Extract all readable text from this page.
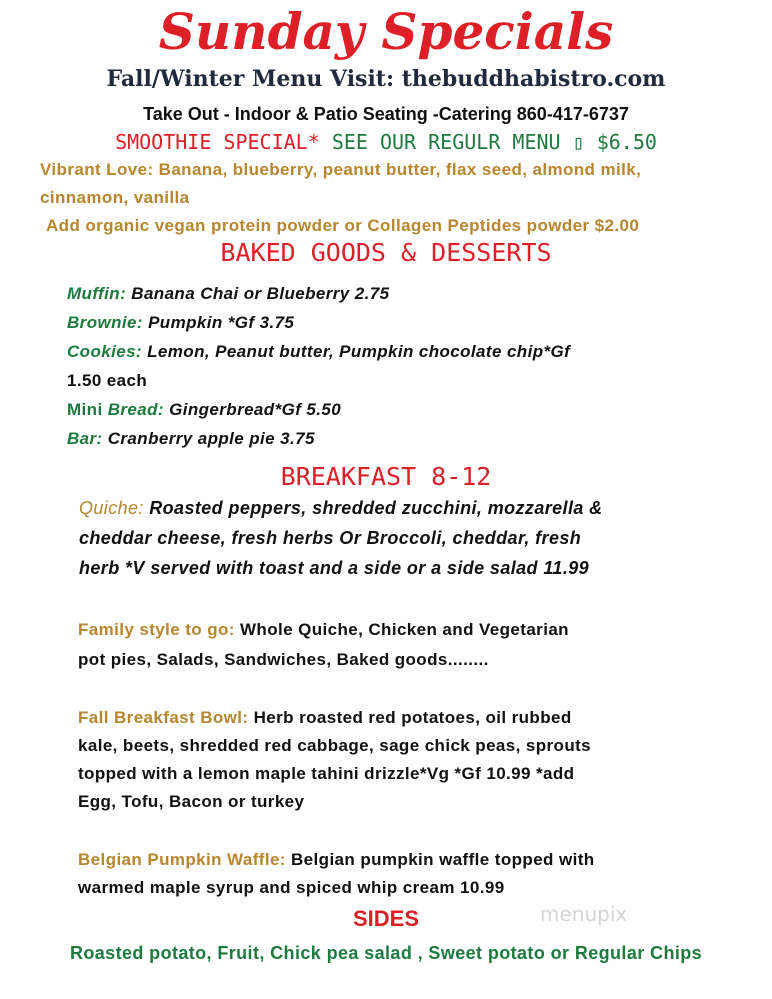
Sunday Specials
Fall/Winter Menu Visit: thebuddhabistro.com
Take Out - Indoor & Patio Seating -Catering 860-417-6737
SMOOTHIE SPECIAL* SEE OUR REGULR MENU ▯ $6.50
Vibrant Love: Banana, blueberry, peanut butter, flax seed, almond milk,
cinnamon, vanilla
Add organic vegan protein powder or Collagen Peptides powder $2.00
BAKED GOODS & DESSERTS
Muffin: Banana Chai or Blueberry 2.75
Brownie: Pumpkin *Gf 3.75
Cookies: Lemon, Peanut butter, Pumpkin chocolate chip*Gf
1.50 each
Mini Bread: Gingerbread*Gf 5.50
Bar: Cranberry apple pie 3.75
BREAKFAST 8-12
Quiche: Roasted peppers, shredded zucchini, mozzarella &
cheddar cheese, fresh herbs Or Broccoli, cheddar, fresh
herb *V served with toast and a side or a side salad 11.99
Family style to go: Whole Quiche, Chicken and Vegetarian
pot pies, Salads, Sandwiches, Baked goods........
Fall Breakfast Bowl: Herb roasted red potatoes, oil rubbed
kale, beets, shredded red cabbage, sage chick peas, sprouts
topped with a lemon maple tahini drizzle*Vg *Gf 10.99 *add
Egg, Tofu, Bacon or turkey
Belgian Pumpkin Waffle: Belgian pumpkin waffle topped with
warmed maple syrup and spiced whip cream 10.99
SIDES
Roasted potato, Fruit, Chick pea salad , Sweet potato or Regular Chips
menupix
